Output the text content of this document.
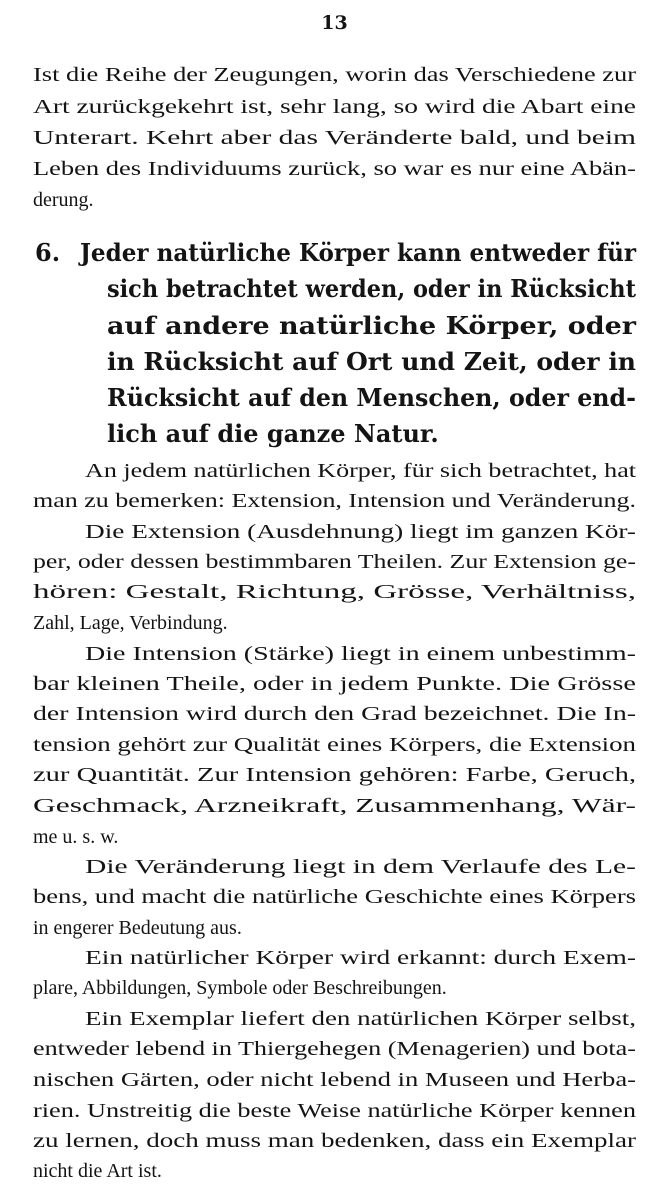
13

Ist die Reihe der Zeugungen, worin das Verschiedene zur

Art zurückgekehrt ist, sehr lang, so wird die Abart eine

Unterart. Kehrt aber das Veränderte bald, und beim

Leben des Individuums zurück, so war es nur eine Abän-

derung.

6. Jeder natürliche Körper kann entweder für
sich betrachtet werden, oder in Rücksicht
auf andere natürliche Körper, oder
in Rücksicht auf Ort und Zeit, oder in
Rücksicht auf den Menschen, oder end-
lich auf die ganze Natur.

An jedem natürlichen Körper, für sich betrachtet, hat

man zu bemerken: Extension, Intension und Veränderung.

Die Extension (Ausdehnung) liegt im ganzen Kör-

per, oder dessen bestimmbaren Theilen. Zur Extension ge-

hören: Gestalt, Richtung, Grösse, Verhältniss,

Zahl, Lage, Verbindung.

Die Intension (Stärke) liegt in einem unbestimm-

bar kleinen Theile, oder in jedem Punkte. Die Grösse

der Intension wird durch den Grad bezeichnet. Die In-

tension gehört zur Qualität eines Körpers, die Extension

zur Quantität. Zur Intension gehören: Farbe, Geruch,

Geschmack, Arzneikraft, Zusammenhang, Wär-

me u. s. w.

Die Veränderung liegt in dem Verlaufe des Le-

bens, und macht die natürliche Geschichte eines Körpers

in engerer Bedeutung aus.

Ein natürlicher Körper wird erkannt: durch Exem-

plare, Abbildungen, Symbole oder Beschreibungen.

Ein Exemplar liefert den natürlichen Körper selbst,

entweder lebend in Thiergehegen (Menagerien) und bota-

nischen Gärten, oder nicht lebend in Museen und Herba-

rien. Unstreitig die beste Weise natürliche Körper kennen

zu lernen, doch muss man bedenken, dass ein Exemplar

nicht die Art ist.
